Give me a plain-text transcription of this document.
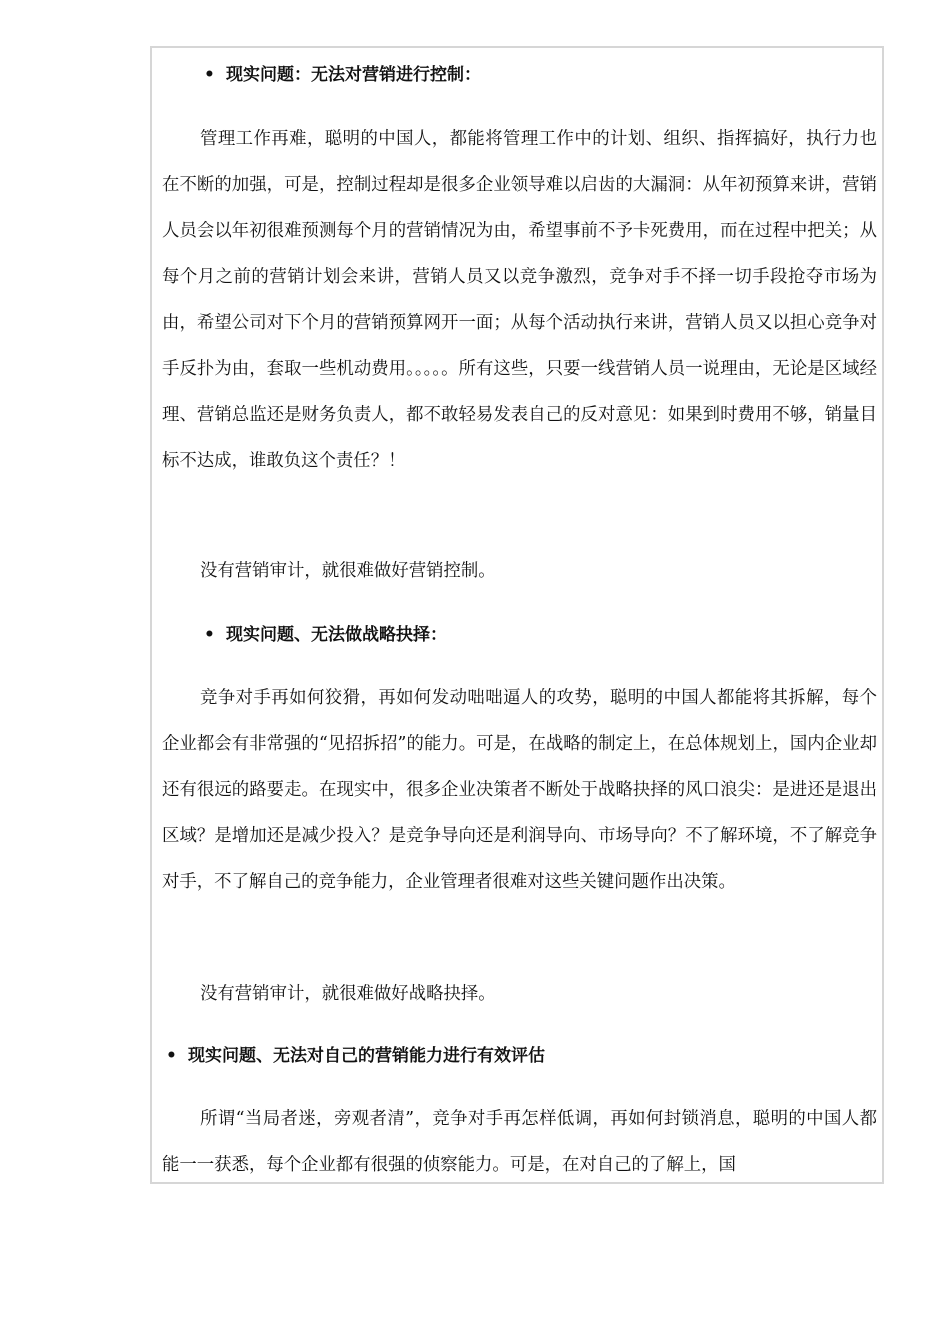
• 现实问题：无法对营销进行控制：

管理工作再难，聪明的中国人，都能将管理工作中的计划、组织、指挥搞好，执行力也在不断的加强，可是，控制过程却是很多企业领导难以启齿的大漏洞：从年初预算来讲，营销人员会以年初很难预测每个月的营销情况为由，希望事前不予卡死费用，而在过程中把关；从每个月之前的营销计划会来讲，营销人员又以竞争激烈，竞争对手不择一切手段抢夺市场为由，希望公司对下个月的营销预算网开一面；从每个活动执行来讲，营销人员又以担心竞争对手反扑为由，套取一些机动费用。。。。。所有这些，只要一线营销人员一说理由，无论是区域经理、营销总监还是财务负责人，都不敢轻易发表自己的反对意见：如果到时费用不够，销量目标不达成，谁敢负这个责任？！

没有营销审计，就很难做好营销控制。
• 现实问题、无法做战略抉择：

竞争对手再如何狡猾，再如何发动咄咄逼人的攻势，聪明的中国人都能将其拆解，每个企业都会有非常强的“见招拆招”的能力。可是，在战略的制定上，在总体规划上，国内企业却还有很远的路要走。在现实中，很多企业决策者不断处于战略抉择的风口浪尖：是进还是退出区域？是增加还是减少投入？是竞争导向还是利润导向、市场导向？不了解环境，不了解竞争对手，不了解自己的竞争能力，企业管理者很难对这些关键问题作出决策。

没有营销审计，就很难做好战略抉择。
• 现实问题、无法对自己的营销能力进行有效评估

所谓“当局者迷，旁观者清”，竞争对手再怎样低调，再如何封锁消息，聪明的中国人都能一一获悉，每个企业都有很强的侦察能力。可是，在对自己的了解上，国
